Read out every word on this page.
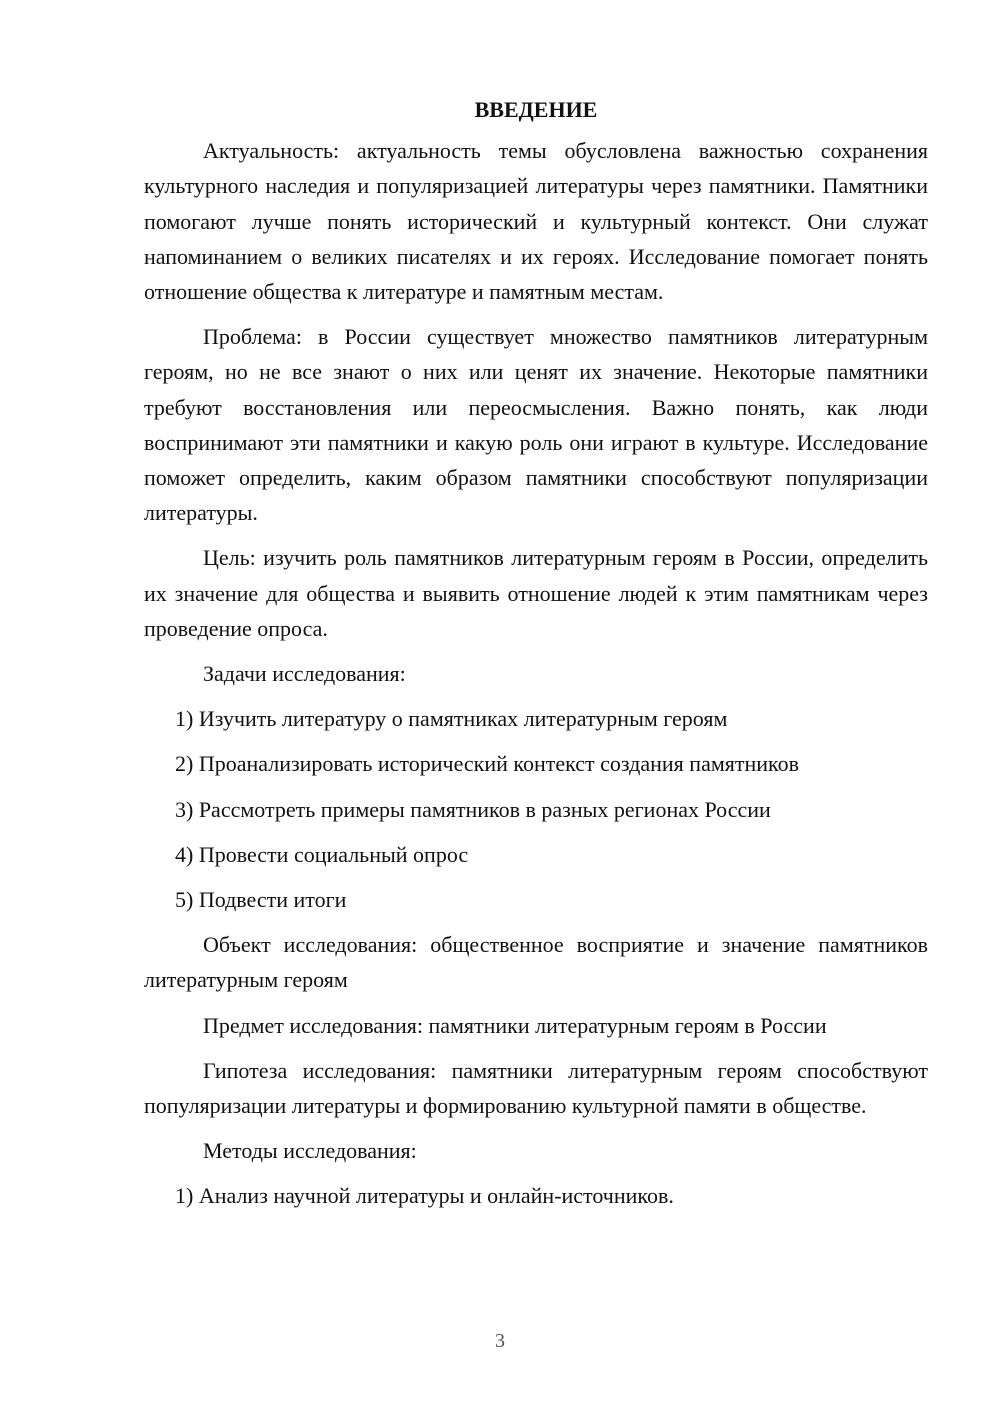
ВВЕДЕНИЕ

Актуальность: актуальность темы обусловлена важностью сохранения культурного наследия и популяризацией литературы через памятники. Памятники помогают лучше понять исторический и культурный контекст. Они служат напоминанием о великих писателях и их героях. Исследование помогает понять отношение общества к литературе и памятным местам.

Проблема: в России существует множество памятников литературным героям, но не все знают о них или ценят их значение. Некоторые памятники требуют восстановления или переосмысления. Важно понять, как люди воспринимают эти памятники и какую роль они играют в культуре. Исследование поможет определить, каким образом памятники способствуют популяризации литературы.

Цель: изучить роль памятников литературным героям в России, определить их значение для общества и выявить отношение людей к этим памятникам через проведение опроса.

Задачи исследования:

1) Изучить литературу о памятниках литературным героям
2) Проанализировать исторический контекст создания памятников
3) Рассмотреть примеры памятников в разных регионах России
4) Провести социальный опрос
5) Подвести итоги

Объект исследования: общественное восприятие и значение памятников литературным героям

Предмет исследования: памятники литературным героям в России

Гипотеза исследования: памятники литературным героям способствуют популяризации литературы и формированию культурной памяти в обществе.

Методы исследования:

1) Анализ научной литературы и онлайн-источников.
3
